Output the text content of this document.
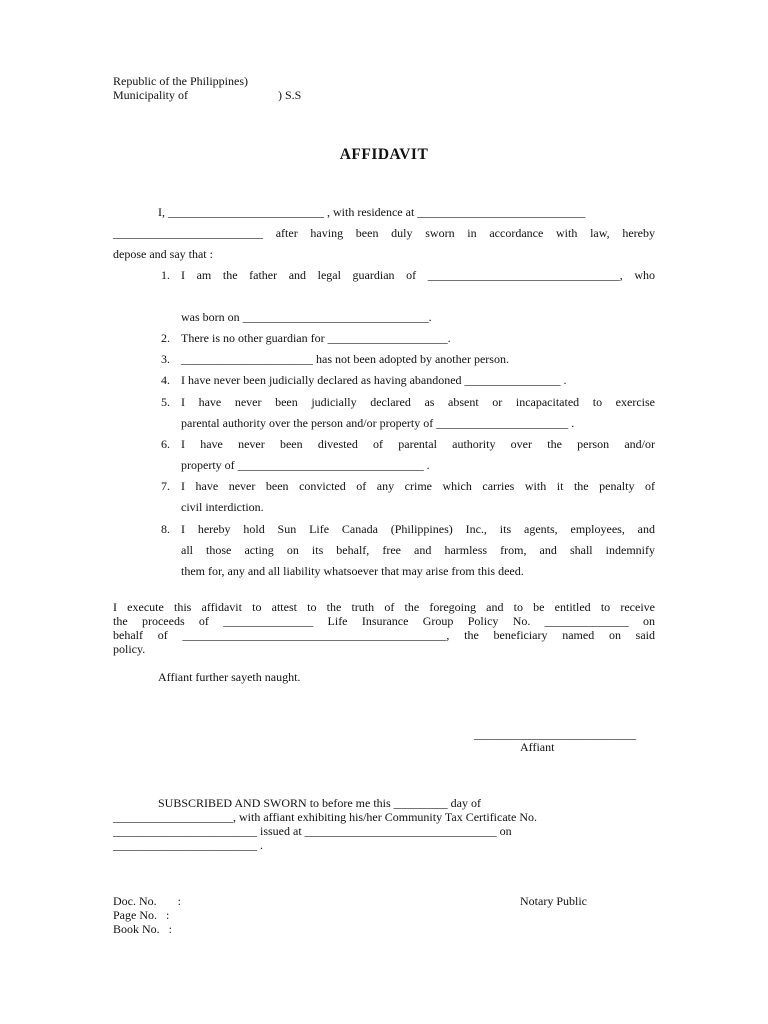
Republic of the Philippines)
Municipality of                              ) S.S
AFFIDAVIT
I, __________________________ , with residence at ____________________________
_________________________ after having been duly sworn in accordance with law, hereby
depose and say that :
1. I am the father and legal guardian of ________________________________, who
was born on _______________________________.
2. There is no other guardian for ____________________.
3. ______________________ has not been adopted by another person.
4. I have never been judicially declared as having abandoned ________________ .
5. I have never been judicially declared as absent or incapacitated to exercise
parental authority over the person and/or property of ______________________ .
6. I have never been divested of parental authority over the person and/or
property of _______________________________ .
7. I have never been convicted of any crime which carries with it the penalty of
civil interdiction.
8. I hereby hold Sun Life Canada (Philippines) Inc., its agents, employees, and
all those acting on its behalf, free and harmless from, and shall indemnify
them for, any and all liability whatsoever that may arise from this deed.
I execute this affidavit to attest to the truth of the foregoing and to be entitled to receive
the proceeds of _______________ Life Insurance Group Policy No. ______________ on
behalf of ____________________________________________, the beneficiary named on said
policy.
Affiant further sayeth naught.
___________________________
Affiant
SUBSCRIBED AND SWORN to before me this _________ day of
____________________, with affiant exhibiting his/her Community Tax Certificate No.
________________________ issued at ________________________________ on
________________________ .
Doc. No.       :
Page No.   :
Book No.   :
Notary Public
